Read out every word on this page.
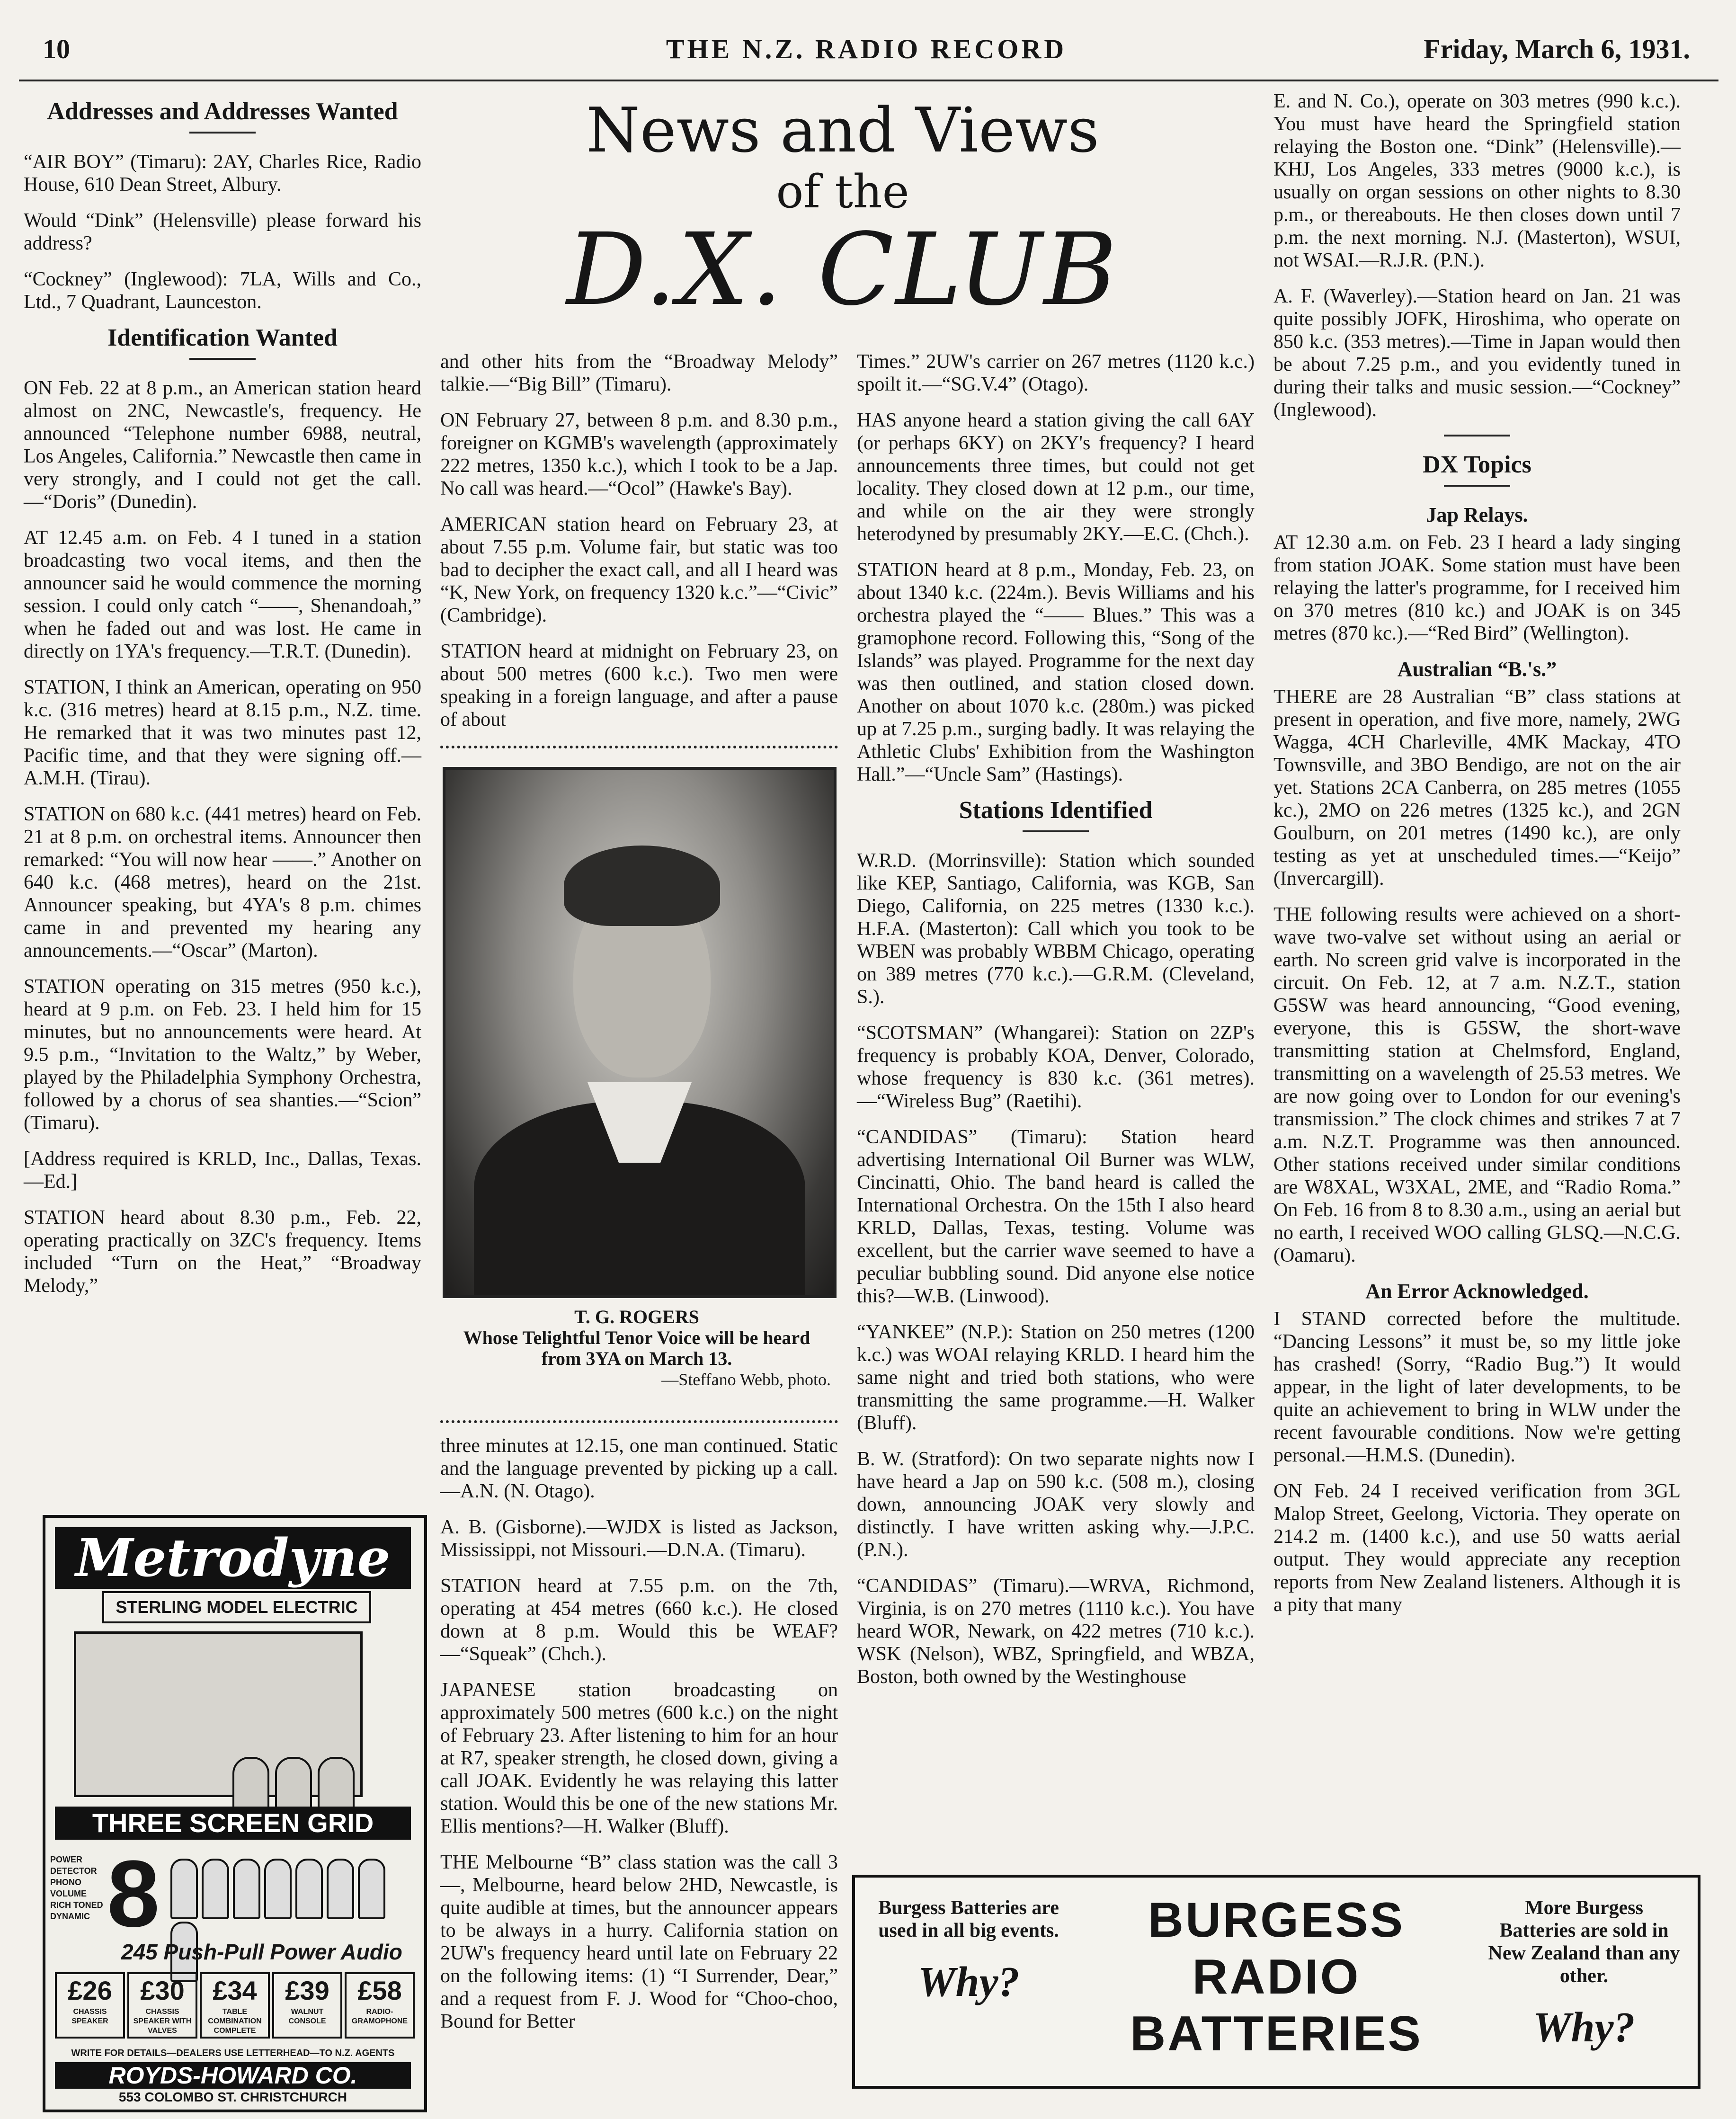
10	THE N.Z. RADIO RECORD	Friday, March 6, 1931.
News and Views
of the
D.X. CLUB
Addresses and Addresses Wanted

“AIR BOY” (Timaru): 2AY, Charles Rice, Radio House, 610 Dean Street, Albury.

Would “Dink” (Helensville) please forward his address?

“Cockney” (Inglewood): 7LA, Wills and Co., Ltd., 7 Quadrant, Launceston.

Identification Wanted

ON Feb. 22 at 8 p.m., an American station heard almost on 2NC, Newcastle's, frequency. He announced “Telephone number 6988, neutral, Los Angeles, California.” Newcastle then came in very strongly, and I could not get the call.—“Doris” (Dunedin).

AT 12.45 a.m. on Feb. 4 I tuned in a station broadcasting two vocal items, and then the announcer said he would commence the morning session. I could only catch “——, Shenandoah,” when he faded out and was lost. He came in directly on 1YA's frequency.—T.R.T. (Dunedin).

STATION, I think an American, operating on 950 k.c. (316 metres) heard at 8.15 p.m., N.Z. time. He remarked that it was two minutes past 12, Pacific time, and that they were signing off.—A.M.H. (Tirau).

STATION on 680 k.c. (441 metres) heard on Feb. 21 at 8 p.m. on orchestral items. Announcer then remarked: “You will now hear ——.” Another on 640 k.c. (468 metres), heard on the 21st. Announcer speaking, but 4YA's 8 p.m. chimes came in and prevented my hearing any announcements.—“Oscar” (Marton).

STATION operating on 315 metres (950 k.c.), heard at 9 p.m. on Feb. 23. I held him for 15 minutes, but no announcements were heard. At 9.5 p.m., “Invitation to the Waltz,” by Weber, played by the Philadelphia Symphony Orchestra, followed by a chorus of sea shanties.—“Scion” (Timaru).

[Address required is KRLD, Inc., Dallas, Texas.—Ed.]

STATION heard about 8.30 p.m., Feb. 22, operating practically on 3ZC's frequency. Items included “Turn on the Heat,” “Broadway Melody,”

and other hits from the “Broadway Melody” talkie.—“Big Bill” (Timaru).

ON February 27, between 8 p.m. and 8.30 p.m., foreigner on KGMB's wavelength (approximately 222 metres, 1350 k.c.), which I took to be a Jap. No call was heard.—“Ocol” (Hawke's Bay).

AMERICAN station heard on February 23, at about 7.55 p.m. Volume fair, but static was too bad to decipher the exact call, and all I heard was “K, New York, on frequency 1320 k.c.”—“Civic” (Cambridge).

STATION heard at midnight on February 23, on about 500 metres (600 k.c.). Two men were speaking in a foreign language, and after a pause of about

T. G. ROGERS
Whose Telightful Tenor Voice will be heard from 3YA on March 13.
—Steffano Webb, photo.

three minutes at 12.15, one man continued. Static and the language prevented by picking up a call.—A.N. (N. Otago).

A. B. (Gisborne).—WJDX is listed as Jackson, Mississippi, not Missouri.—D.N.A. (Timaru).

STATION heard at 7.55 p.m. on the 7th, operating at 454 metres (660 k.c.). He closed down at 8 p.m. Would this be WEAF?—“Squeak” (Chch.).

JAPANESE station broadcasting on approximately 500 metres (600 k.c.) on the night of February 23. After listening to him for an hour at R7, speaker strength, he closed down, giving a call JOAK. Evidently he was relaying this latter station. Would this be one of the new stations Mr. Ellis mentions?—H. Walker (Bluff).

THE Melbourne “B” class station was the call 3—, Melbourne, heard below 2HD, Newcastle, is quite audible at times, but the announcer appears to be always in a hurry. California station on 2UW's frequency heard until late on February 22 on the following items: (1) “I Surrender, Dear,” and a request from F. J. Wood for “Choo-choo, Bound for Better

Times.” 2UW's carrier on 267 metres (1120 k.c.) spoilt it.—“SG.V.4” (Otago).

HAS anyone heard a station giving the call 6AY (or perhaps 6KY) on 2KY's frequency? I heard announcements three times, but could not get locality. They closed down at 12 p.m., our time, and while on the air they were strongly heterodyned by presumably 2KY.—E.C. (Chch.).

STATION heard at 8 p.m., Monday, Feb. 23, on about 1340 k.c. (224m.). Bevis Williams and his orchestra played the “—— Blues.” This was a gramophone record. Following this, “Song of the Islands” was played. Programme for the next day was then outlined, and station closed down. Another on about 1070 k.c. (280m.) was picked up at 7.25 p.m., surging badly. It was relaying the Athletic Clubs' Exhibition from the Washington Hall.”—“Uncle Sam” (Hastings).

Stations Identified

W.R.D. (Morrinsville): Station which sounded like KEP, Santiago, California, was KGB, San Diego, California, on 225 metres (1330 k.c.). H.F.A. (Masterton): Call which you took to be WBEN was probably WBBM Chicago, operating on 389 metres (770 k.c.).—G.R.M. (Cleveland, S.).

“SCOTSMAN” (Whangarei): Station on 2ZP's frequency is probably KOA, Denver, Colorado, whose frequency is 830 k.c. (361 metres).—“Wireless Bug” (Raetihi).

“CANDIDAS” (Timaru): Station heard advertising International Oil Burner was WLW, Cincinatti, Ohio. The band heard is called the International Orchestra. On the 15th I also heard KRLD, Dallas, Texas, testing. Volume was excellent, but the carrier wave seemed to have a peculiar bubbling sound. Did anyone else notice this?—W.B. (Linwood).

“YANKEE” (N.P.): Station on 250 metres (1200 k.c.) was WOAI relaying KRLD. I heard him the same night and tried both stations, who were transmitting the same programme.—H. Walker (Bluff).

B. W. (Stratford): On two separate nights now I have heard a Jap on 590 k.c. (508 m.), closing down, announcing JOAK very slowly and distinctly. I have written asking why.—J.P.C. (P.N.).

“CANDIDAS” (Timaru).—WRVA, Richmond, Virginia, is on 270 metres (1110 k.c.). You have heard WOR, Newark, on 422 metres (710 k.c.). WSK (Nelson), WBZ, Springfield, and WBZA, Boston, both owned by the Westinghouse

E. and N. Co.), operate on 303 metres (990 k.c.). You must have heard the Springfield station relaying the Boston one. “Dink” (Helensville).—KHJ, Los Angeles, 333 metres (9000 k.c.), is usually on organ sessions on other nights to 8.30 p.m., or thereabouts. He then closes down until 7 p.m. the next morning. N.J. (Masterton), WSUI, not WSAI.—R.J.R. (P.N.).

A. F. (Waverley).—Station heard on Jan. 21 was quite possibly JOFK, Hiroshima, who operate on 850 k.c. (353 metres).—Time in Japan would then be about 7.25 p.m., and you evidently tuned in during their talks and music session.—“Cockney” (Inglewood).

DX Topics
Jap Relays.

AT 12.30 a.m. on Feb. 23 I heard a lady singing from station JOAK. Some station must have been relaying the latter's programme, for I received him on 370 metres (810 kc.) and JOAK is on 345 metres (870 kc.).—“Red Bird” (Wellington).

Australian “B.'s.”

THERE are 28 Australian “B” class stations at present in operation, and five more, namely, 2WG Wagga, 4CH Charleville, 4MK Mackay, 4TO Townsville, and 3BO Bendigo, are not on the air yet. Stations 2CA Canberra, on 285 metres (1055 kc.), 2MO on 226 metres (1325 kc.), and 2GN Goulburn, on 201 metres (1490 kc.), are only testing as yet at unscheduled times.—“Keijo” (Invercargill).

THE following results were achieved on a short-wave two-valve set without using an aerial or earth. No screen grid valve is incorporated in the circuit. On Feb. 12, at 7 a.m. N.Z.T., station G5SW was heard announcing, “Good evening, everyone, this is G5SW, the short-wave transmitting station at Chelmsford, England, transmitting on a wavelength of 25.53 metres. We are now going over to London for our evening's transmission.” The clock chimes and strikes 7 at 7 a.m. N.Z.T. Programme was then announced. Other stations received under similar conditions are W8XAL, W3XAL, 2ME, and “Radio Roma.” On Feb. 16 from 8 to 8.30 a.m., using an aerial but no earth, I received WOO calling GLSQ.—N.C.G. (Oamaru).

An Error Acknowledged.

I STAND corrected before the multitude. “Dancing Lessons” it must be, so my little joke has crashed! (Sorry, “Radio Bug.”) It would appear, in the light of later developments, to be quite an achievement to bring in WLW under the recent favourable conditions. Now we're getting personal.—H.M.S. (Dunedin).

ON Feb. 24 I received verification from 3GL Malop Street, Geelong, Victoria. They operate on 214.2 m. (1400 k.c.), and use 50 watts aerial output. They would appreciate any reception reports from New Zealand listeners. Although it is a pity that many

Metrodyne
STERLING MODEL ELECTRIC
THREE SCREEN GRID
POWER DETECTOR PHONO VOLUME RICH TONED DYNAMIC 8
245 Push-Pull Power Audio
£26
CHASSIS SPEAKER
£30
CHASSIS SPEAKER WITH VALVES
£34
TABLE COMBINATION COMPLETE
£39
WALNUT CONSOLE
£58
RADIO-GRAMOPHONE
WRITE FOR DETAILS—DEALERS USE LETTERHEAD—TO N.Z. AGENTS
ROYDS-HOWARD CO.
553 COLOMBO ST. CHRISTCHURCH
Burgess Batteries are used in all big events.
Why?
BURGESS
RADIO
BATTERIES
More Burgess Batteries are sold in New Zealand than any other.
Why?
